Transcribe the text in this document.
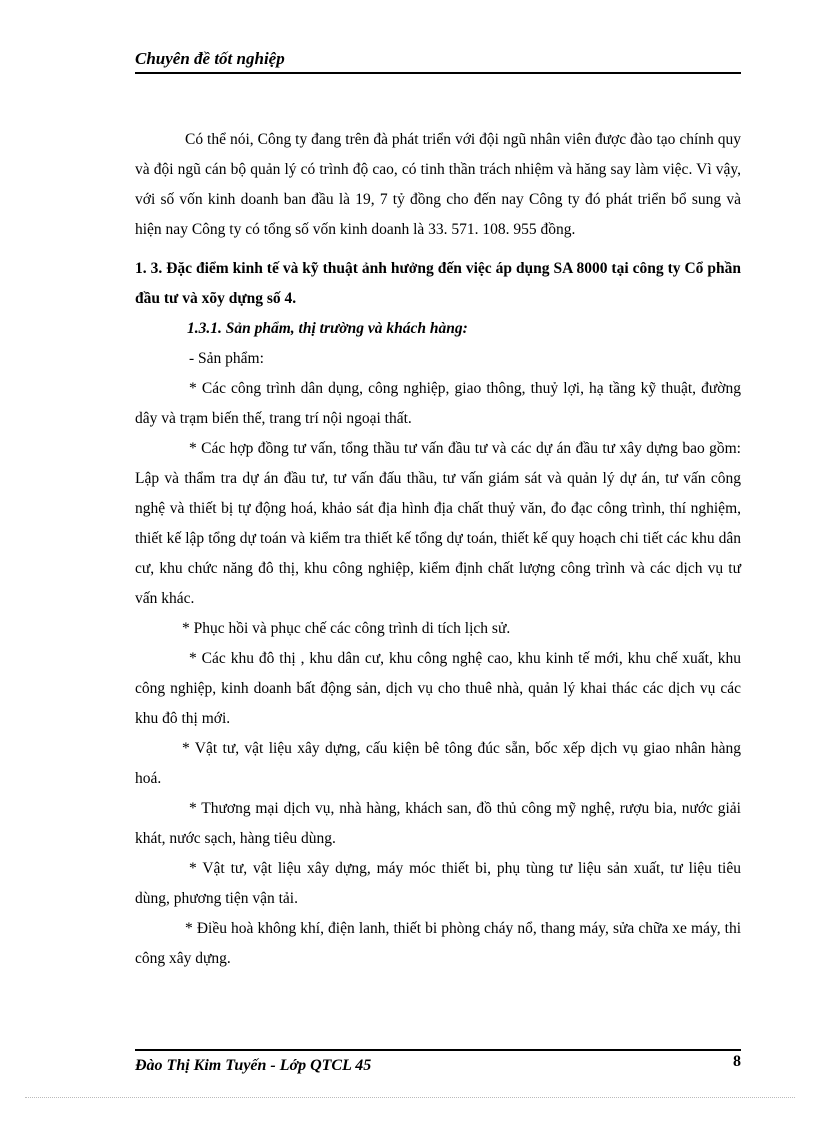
Chuyên đề tốt nghiệp

Có thể nói, Công ty đang trên đà phát triển với đội ngũ nhân viên được đào tạo chính quy và đội ngũ cán bộ quản lý có trình độ cao, có tinh thần trách nhiệm và hăng say làm việc. Vì vậy, với số vốn kinh doanh ban đầu là 19, 7 tỷ đồng cho đến nay Công ty đó phát triển bổ sung và hiện nay Công ty có tổng số vốn kinh doanh là 33. 571. 108. 955 đồng.

1. 3. Đặc điểm kinh tế và kỹ thuật ảnh hưởng đến việc áp dụng SA 8000 tại công ty Cổ phần đầu tư và xõy dựng số 4.

1.3.1. Sản phẩm, thị trường và khách hàng:

- Sản phẩm:

* Các công trình dân dụng, công nghiệp, giao thông, thuỷ lợi, hạ tầng kỹ thuật, đường dây và trạm biến thế, trang trí nội ngoại thất.

* Các hợp đồng tư vấn, tổng thầu tư vấn đầu tư và các dự án đầu tư xây dựng bao gồm: Lập và thẩm tra dự án đầu tư, tư vấn đấu thầu, tư vấn giám sát và quản lý dự án, tư vấn công nghệ và thiết bị tự động hoá, khảo sát địa hình địa chất thuỷ văn, đo đạc công trình, thí nghiệm, thiết kế lập tổng dự toán và kiểm tra thiết kế tổng dự toán, thiết kế quy hoạch chi tiết các khu dân cư, khu chức năng đô thị, khu công nghiệp, kiểm định chất lượng công trình và các dịch vụ tư vấn khác.

* Phục hồi và phục chế các công trình di tích lịch sử.

* Các khu đô thị , khu dân cư, khu công nghệ cao, khu kinh tế mới, khu chế xuất, khu công nghiệp, kinh doanh bất động sản, dịch vụ cho thuê nhà, quản lý khai thác các dịch vụ các khu đô thị mới.

* Vật tư, vật liệu xây dựng, cấu kiện bê tông đúc sẵn, bốc xếp dịch vụ giao nhân hàng hoá.

* Thương mại dịch vụ, nhà hàng, khách san, đồ thủ công mỹ nghệ, rượu bia, nước giải khát, nước sạch, hàng tiêu dùng.

* Vật tư, vật liệu xây dựng, máy móc thiết bi, phụ tùng tư liệu sản xuất, tư liệu tiêu dùng, phương tiện vận tải.

* Điều hoà không khí, điện lanh, thiết bi phòng cháy nổ, thang máy, sửa chữa xe máy, thi công xây dựng.

Đào Thị Kim Tuyến - Lớp QTCL 45	8
